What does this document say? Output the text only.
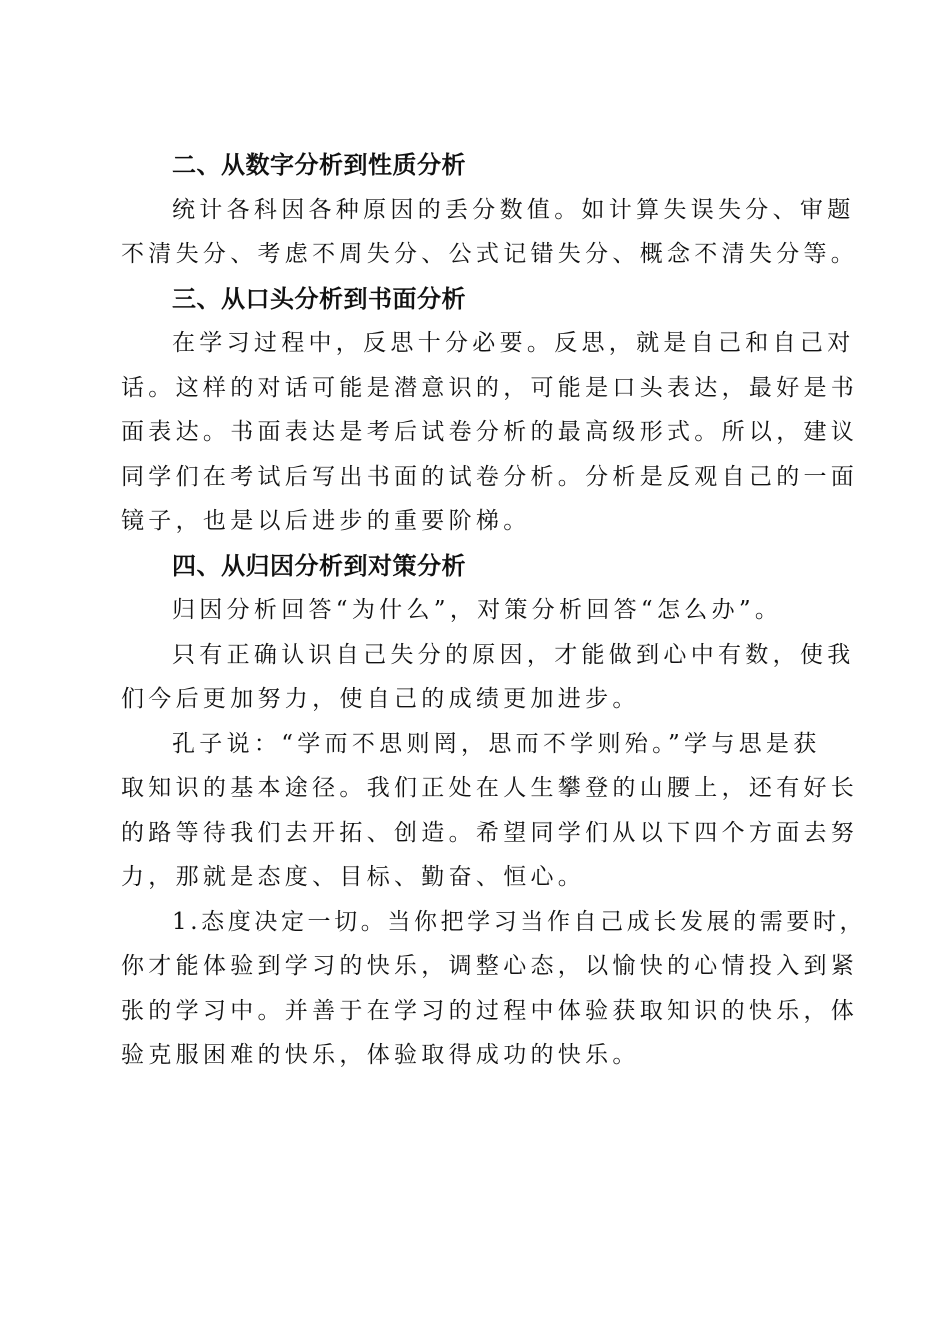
二、从数字分析到性质分析

统计各科因各种原因的丢分数值。如计算失误失分、审题
不清失分、考虑不周失分、公式记错失分、概念不清失分等。

三、从口头分析到书面分析

在学习过程中，反思十分必要。反思，就是自己和自己对
话。这样的对话可能是潜意识的，可能是口头表达，最好是书
面表达。书面表达是考后试卷分析的最高级形式。所以，建议
同学们在考试后写出书面的试卷分析。分析是反观自己的一面
镜子，也是以后进步的重要阶梯。

四、从归因分析到对策分析

归因分析回答“为什么”，对策分析回答“怎么办”。

只有正确认识自己失分的原因，才能做到心中有数，使我
们今后更加努力，使自己的成绩更加进步。

孔子说：“学而不思则罔，思而不学则殆。”学与思是获
取知识的基本途径。我们正处在人生攀登的山腰上，还有好长
的路等待我们去开拓、创造。希望同学们从以下四个方面去努
力，那就是态度、目标、勤奋、恒心。

1.态度决定一切。当你把学习当作自己成长发展的需要时，
你才能体验到学习的快乐，调整心态，以愉快的心情投入到紧
张的学习中。并善于在学习的过程中体验获取知识的快乐，体
验克服困难的快乐，体验取得成功的快乐。
